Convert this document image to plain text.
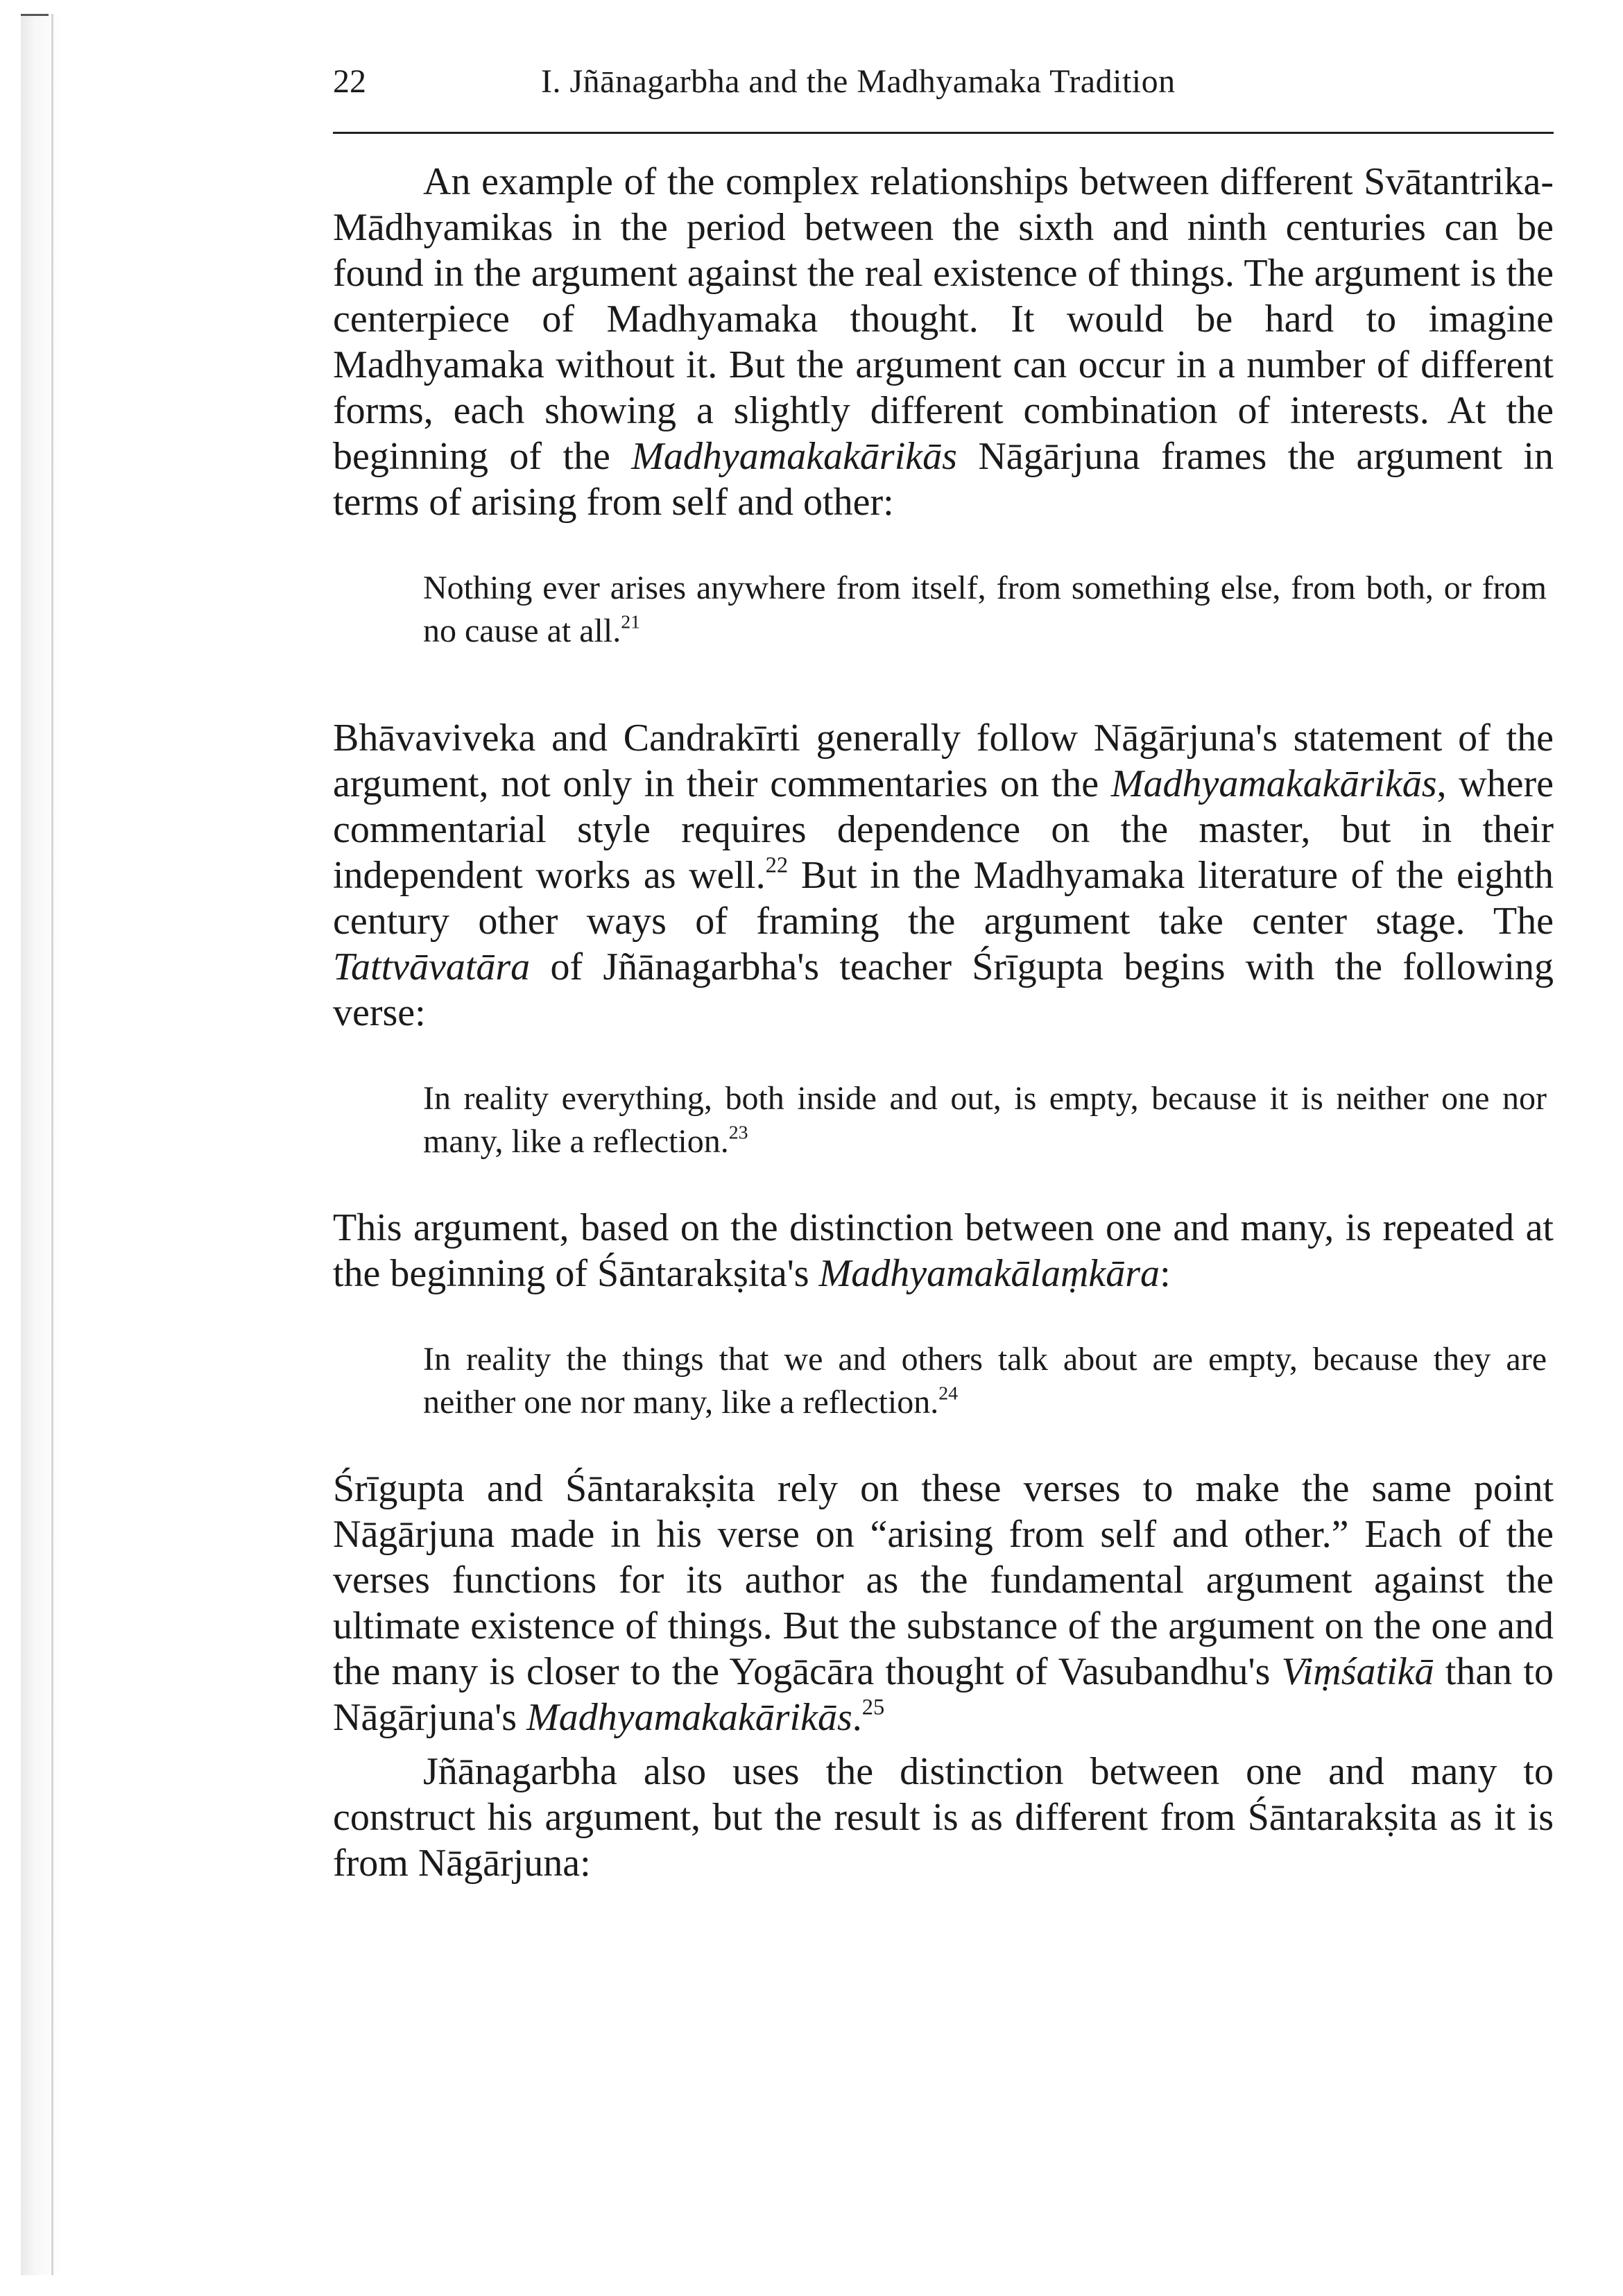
22	I. Jñānagarbha and the Madhyamaka Tradition

An example of the complex relationships between different Svātantrika-Mādhyamikas in the period between the sixth and ninth centuries can be found in the argument against the real existence of things. The argument is the centerpiece of Madhyamaka thought. It would be hard to imagine Madhyamaka without it. But the argument can occur in a number of different forms, each showing a slightly different combination of interests. At the beginning of the Madhyamakakārikās Nāgārjuna frames the argument in terms of arising from self and other:

Nothing ever arises anywhere from itself, from something else, from both, or from no cause at all.$^{21}$

Bhāvaviveka and Candrakīrti generally follow Nāgārjuna's statement of the argument, not only in their commentaries on the Madhyamakakārikās, where commentarial style requires dependence on the master, but in their independent works as well.$^{22}$ But in the Madhyamaka literature of the eighth century other ways of framing the argument take center stage. The Tattvāvatāra of Jñānagarbha's teacher Śrīgupta begins with the following verse:

In reality everything, both inside and out, is empty, because it is neither one nor many, like a reflection.$^{23}$

This argument, based on the distinction between one and many, is repeated at the beginning of Śāntarakṣita's Madhyamakālaṃkāra:

In reality the things that we and others talk about are empty, because they are neither one nor many, like a reflection.$^{24}$

Śrīgupta and Śāntarakṣita rely on these verses to make the same point Nāgārjuna made in his verse on “arising from self and other.” Each of the verses functions for its author as the fundamental argument against the ultimate existence of things. But the substance of the argument on the one and the many is closer to the Yogācāra thought of Vasubandhu's Viṃśatikā than to Nāgārjuna's Madhyamakakārikās.$^{25}$

Jñānagarbha also uses the distinction between one and many to construct his argument, but the result is as different from Śāntarakṣita as it is from Nāgārjuna:
